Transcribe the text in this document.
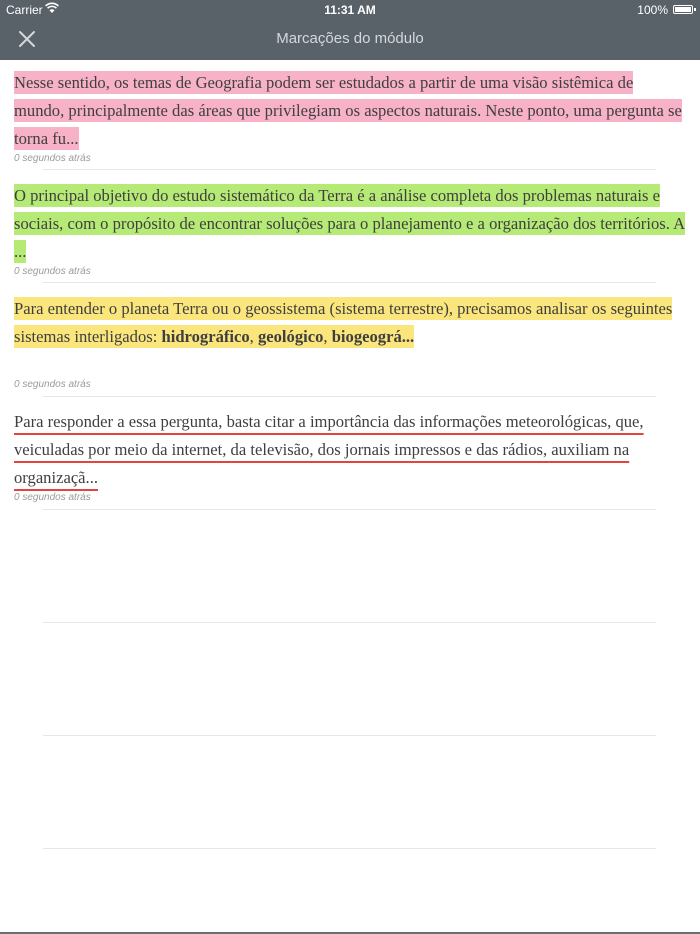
Carrier	11:31 AM	100%
Marcações do módulo

Nesse sentido, os temas de Geografia podem ser estudados a partir de uma visão sistêmica de mundo, principalmente das áreas que privilegiam os aspectos naturais. Neste ponto, uma pergunta se torna fu...

0 segundos atrás

O principal objetivo do estudo sistemático da Terra é a análise completa dos problemas naturais e sociais, com o propósito de encontrar soluções para o planejamento e a organização dos territórios. A ...

0 segundos atrás

Para entender o planeta Terra ou o geossistema (sistema terrestre), precisamos analisar os seguintes sistemas interligados: hidrográfico, geológico, biogeográ...

0 segundos atrás

Para responder a essa pergunta, basta citar a importância das informações meteorológicas, que, veiculadas por meio da internet, da televisão, dos jornais impressos e das rádios, auxiliam na organizaçã...

0 segundos atrás
